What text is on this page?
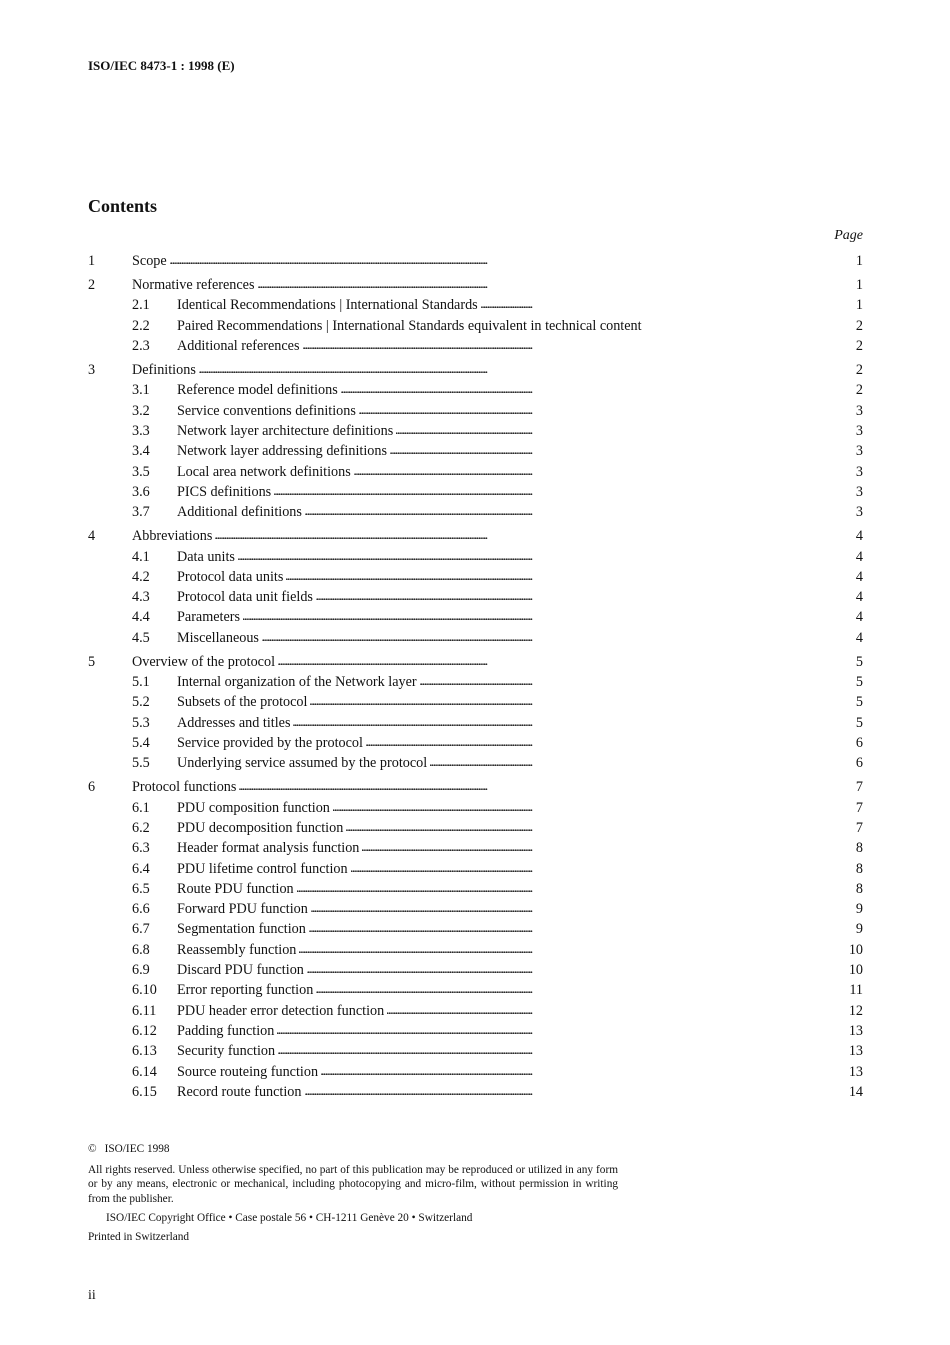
ISO/IEC 8473-1 : 1998 (E)
Contents
Page
1	Scope . . .	1
2	Normative references . . .	1
2.1 Identical Recommendations | International Standards . . .	1
2.2 Paired Recommendations | International Standards equivalent in technical content . . .	2
2.3 Additional references . . .	2
3	Definitions . . .	2
3.1 Reference model definitions . . .	2
3.2 Service conventions definitions . . .	3
3.3 Network layer architecture definitions . . .	3
3.4 Network layer addressing definitions . . .	3
3.5 Local area network definitions . . .	3
3.6 PICS definitions . . .	3
3.7 Additional definitions . . .	3
4	Abbreviations . . .	4
4.1 Data units . . .	4
4.2 Protocol data units . . .	4
4.3 Protocol data unit fields . . .	4
4.4 Parameters . . .	4
4.5 Miscellaneous . . .	4
5	Overview of the protocol . . .	5
5.1 Internal organization of the Network layer . . .	5
5.2 Subsets of the protocol . . .	5
5.3 Addresses and titles . . .	5
5.4 Service provided by the protocol . . .	6
5.5 Underlying service assumed by the protocol . . .	6
6	Protocol functions . . .	7
6.1 PDU composition function . . .	7
6.2 PDU decomposition function . . .	7
6.3 Header format analysis function . . .	8
6.4 PDU lifetime control function . . .	8
6.5 Route PDU function . . .	8
6.6 Forward PDU function . . .	9
6.7 Segmentation function . . .	9
6.8 Reassembly function . . .	10
6.9 Discard PDU function . . .	10
6.10 Error reporting function . . .	11
6.11 PDU header error detection function . . .	12
6.12 Padding function . . .	13
6.13 Security function . . .	13
6.14 Source routeing function . . .	13
6.15 Record route function . . .	14
© ISO/IEC 1998
All rights reserved. Unless otherwise specified, no part of this publication may be reproduced or utilized in any form or by any means, electronic or mechanical, including photocopying and micro-film, without permission in writing from the publisher.
ISO/IEC Copyright Office • Case postale 56 • CH-1211 Genève 20 • Switzerland
Printed in Switzerland
ii
